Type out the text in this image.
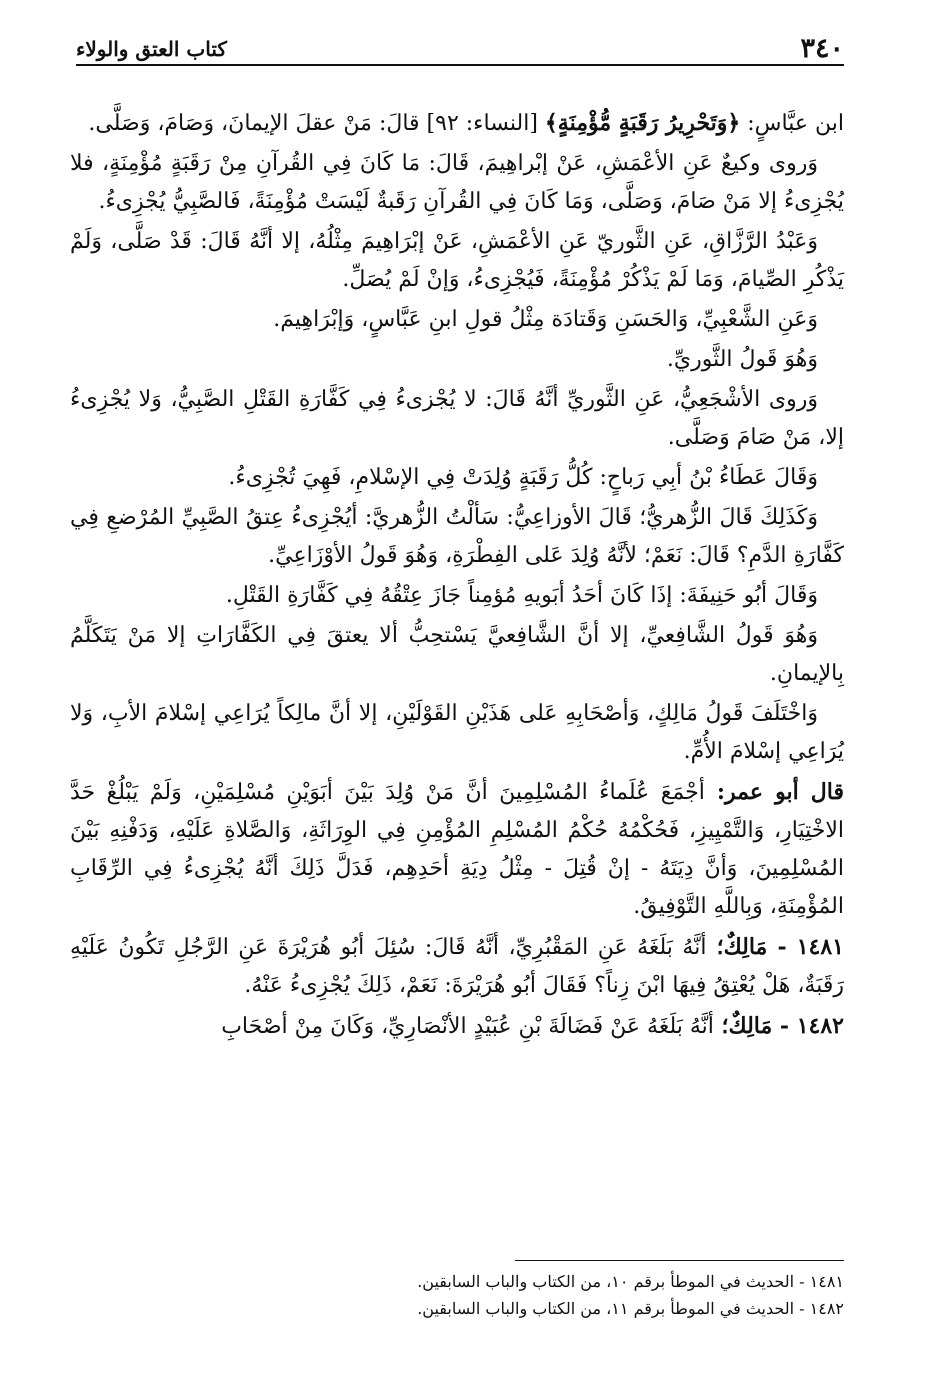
٣٤٠
كتاب العتق والولاء

ابن عبَّاسٍ: ﴿وَتَحْرِيرُ رَقَبَةٍ مُّؤْمِنَةٍ﴾ [النساء: ٩٢] قالَ: مَنْ عقلَ الإيمانَ، وَصَامَ، وَصَلَّى.

وَروى وكيعٌ عَنِ الأعْمَشِ، عَنْ إبْراهِيمَ، قَالَ: مَا كَانَ فِي القُرآنِ مِنْ رَقَبَةٍ مُؤْمِنَةٍ، فلا يُجْزِىءُ إلا مَنْ صَامَ، وَصَلَّى، وَمَا كَانَ فِي القُرآنِ رَقَبةٌ لَيْسَتْ مُؤْمِنَةً، فَالصَّبِيُّ يُجْزِىءُ.

وَعَبْدُ الرَّزَّاقِ، عَنِ الثَّوريّ عَنِ الأعْمَشِ، عَنْ إبْرَاهِيمَ مِثْلُهُ، إلا أنَّهُ قَالَ: قَدْ صَلَّى، وَلَمْ يَذْكُرِ الصِّيامَ، وَمَا لَمْ يَذْكُرْ مُؤْمِنَةً، فَيُجْزِىءُ، وَإنْ لَمْ يُصَلِّ.

وَعَنِ الشَّعْبِيِّ، وَالحَسَنِ وَقَتادَة مِثْلُ قولِ ابنِ عَبَّاسٍ، وَإبْرَاهِيمَ.

وَهُوَ قَولُ الثَّوريِّ.

وَروى الأشْجَعِيُّ، عَنِ الثَّوريِّ أنَّهُ قَالَ: لا يُجْزىءُ فِي كَفَّارَةِ القَتْلِ الصَّبِيُّ، وَلا يُجْزِىءُ إلا، مَنْ صَامَ وَصَلَّى.

وَقَالَ عَطَاءُ بْنُ أبِي رَباحٍ: كُلُّ رَقَبَةٍ وُلِدَتْ فِي الإسْلامِ، فَهِيَ تُجْزِىءُ.

وَكَذَلِكَ قَالَ الزُّهريُّ؛ قَالَ الأوزاعِيُّ: سَألْتُ الزُّهريَّ: أيُجْزِىءُ عِتقُ الصَّبِيِّ المُرْضعِ فِي كَفَّارَةِ الدَّمِ؟ قَالَ: نَعَمْ؛ لأنَّهُ وُلِدَ عَلى الفِطْرَةِ، وَهُوَ قَولُ الأوْزَاعِيِّ.

وَقَالَ أبُو حَنِيفَةَ: إذَا كَانَ أحَدُ أبَويهِ مُؤمِناً جَازَ عِتْقُهُ فِي كَفَّارَةِ القَتْلِ.

وَهُوَ قَولُ الشَّافِعيِّ، إلا أنَّ الشَّافِعيَّ يَسْتحِبُّ ألا يعتقَ فِي الكَفَّارَاتِ إلا مَنْ يَتَكَلَّمُ بِالإيمانِ.

وَاخْتَلَفَ قَولُ مَالِكٍ، وَأصْحَابِهِ عَلى هَذَيْنِ القَوْلَيْنِ، إلا أنَّ مالِكاً يُرَاعِي إسْلامَ الأبِ، وَلا يُرَاعِي إسْلامَ الأُمِّ.

قال أبو عمر: أجْمَعَ عُلَماءُ المُسْلِمِينَ أنَّ مَنْ وُلِدَ بَيْنَ أبَوَيْنِ مُسْلِمَيْنِ، وَلَمْ يَبْلُغْ حَدَّ الاخْتِيَارِ، وَالتَّمْيِيزِ، فَحُكْمُهُ حُكْمُ المُسْلِمِ المُؤْمِنِ فِي الوِرَاثَةِ، وَالصَّلاةِ عَلَيْهِ، وَدَفْنِهِ بَيْنَ المُسْلِمِينَ، وَأنَّ دِيَتَهُ - إنْ قُتِلَ - مِثْلُ دِيَةِ أحَدِهِم، فَدَلَّ ذَلِكَ أنَّهُ يُجْزِىءُ فِي الرِّقَابِ المُؤْمِنَةِ، وَبِاللَّهِ التَّوْفِيقُ.

١٤٨١ - مَالِكٌ؛ أنَّهُ بَلَغَهُ عَنِ المَقْبُرِيِّ، أنَّهُ قَالَ: سُئِلَ أبُو هُرَيْرَةَ عَنِ الرَّجُلِ تَكُونُ عَلَيْهِ رَقَبَةٌ، هَلْ يُعْتِقُ فِيهَا ابْنَ زِناً؟ فَقَالَ أبُو هُرَيْرَةَ: نَعَمْ، ذَلِكَ يُجْزِىءُ عَنْهُ.

١٤٨٢ - مَالِكٌ؛ أنَّهُ بَلَغَهُ عَنْ فَضَالَةَ بْنِ عُبَيْدٍ الأنْصَارِيِّ، وَكَانَ مِنْ أصْحَابِ

١٤٨١ - الحديث في الموطأ برقم ١٠، من الكتاب والباب السابقين.

١٤٨٢ - الحديث في الموطأ برقم ١١، من الكتاب والباب السابقين.
